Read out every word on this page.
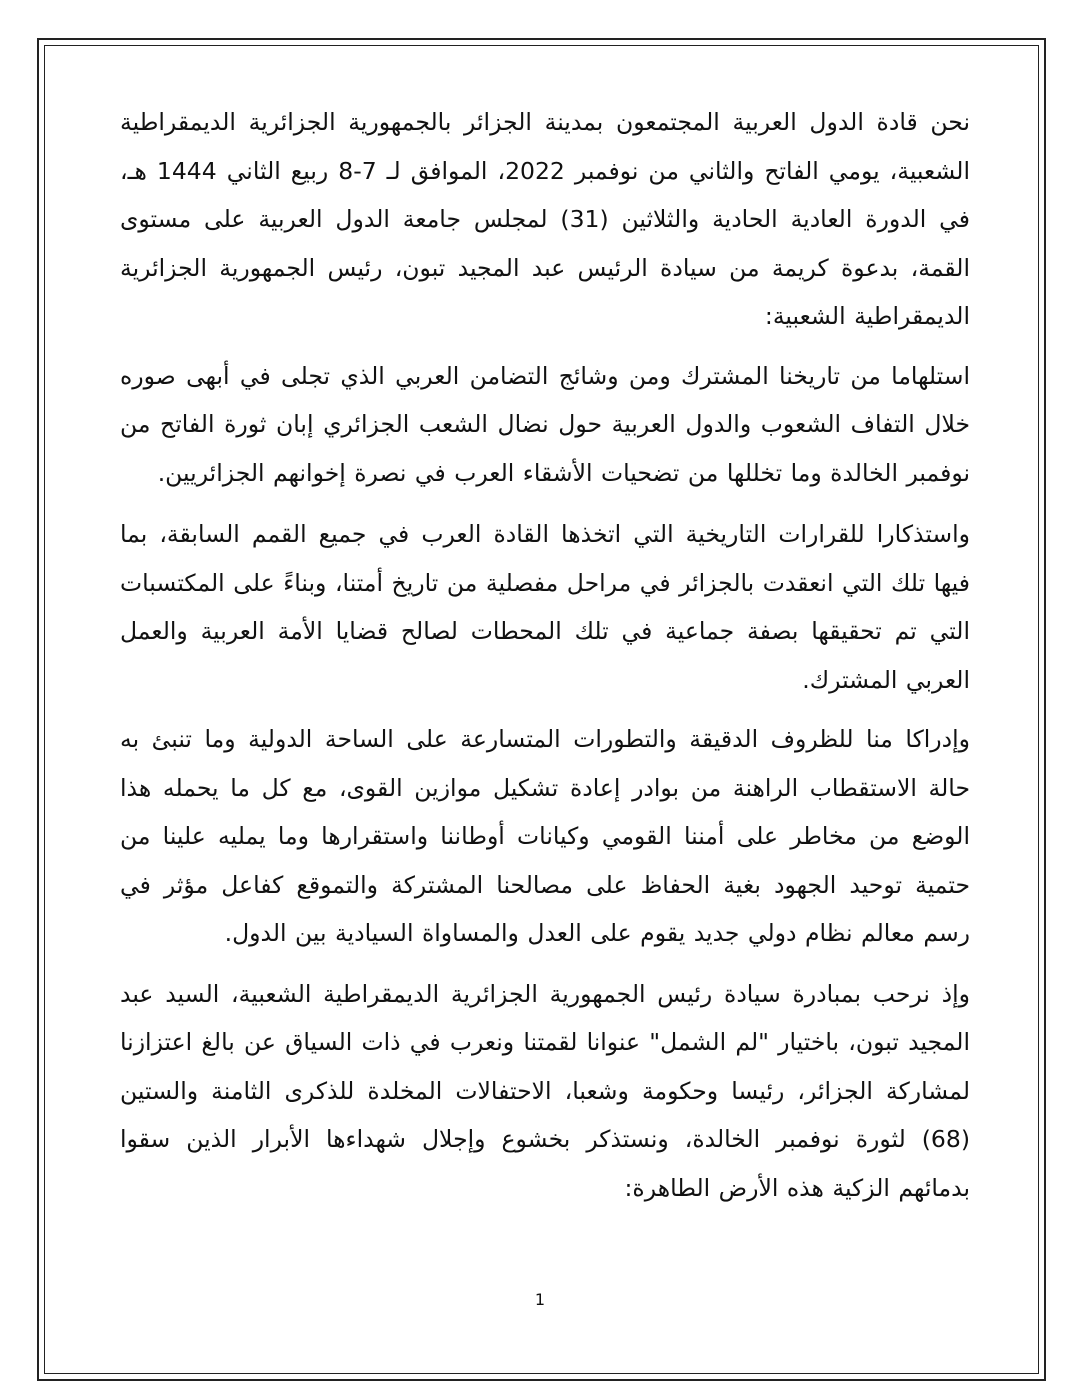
نحن قادة الدول العربية المجتمعون بمدينة الجزائر بالجمهورية الجزائرية الديمقراطية الشعبية، يومي الفاتح والثاني من نوفمبر 2022، الموافق لـ 7-8 ربيع الثاني 1444 هـ، في الدورة العادية الحادية والثلاثين (31) لمجلس جامعة الدول العربية على مستوى القمة، بدعوة كريمة من سيادة الرئيس عبد المجيد تبون، رئيس الجمهورية الجزائرية الديمقراطية الشعبية:

استلهاما من تاريخنا المشترك ومن وشائج التضامن العربي الذي تجلى في أبهى صوره خلال التفاف الشعوب والدول العربية حول نضال الشعب الجزائري إبان ثورة الفاتح من نوفمبر الخالدة وما تخللها من تضحيات الأشقاء العرب في نصرة إخوانهم الجزائريين.

واستذكارا للقرارات التاريخية التي اتخذها القادة العرب في جميع القمم السابقة، بما فيها تلك التي انعقدت بالجزائر في مراحل مفصلية من تاريخ أمتنا، وبناءً على المكتسبات التي تم تحقيقها بصفة جماعية في تلك المحطات لصالح قضايا الأمة العربية والعمل العربي المشترك.

وإدراكا منا للظروف الدقيقة والتطورات المتسارعة على الساحة الدولية وما تنبئ به حالة الاستقطاب الراهنة من بوادر إعادة تشكيل موازين القوى، مع كل ما يحمله هذا الوضع من مخاطر على أمننا القومي وكيانات أوطاننا واستقرارها وما يمليه علينا من حتمية توحيد الجهود بغية الحفاظ على مصالحنا المشتركة والتموقع كفاعل مؤثر في رسم معالم نظام دولي جديد يقوم على العدل والمساواة السيادية بين الدول.

وإذ نرحب بمبادرة سيادة رئيس الجمهورية الجزائرية الديمقراطية الشعبية، السيد عبد المجيد تبون، باختيار "لم الشمل" عنوانا لقمتنا ونعرب في ذات السياق عن بالغ اعتزازنا لمشاركة الجزائر، رئيسا وحكومة وشعبا، الاحتفالات المخلدة للذكرى الثامنة والستين (68) لثورة نوفمبر الخالدة، ونستذكر بخشوع وإجلال شهداءها الأبرار الذين سقوا بدمائهم الزكية هذه الأرض الطاهرة:

1
